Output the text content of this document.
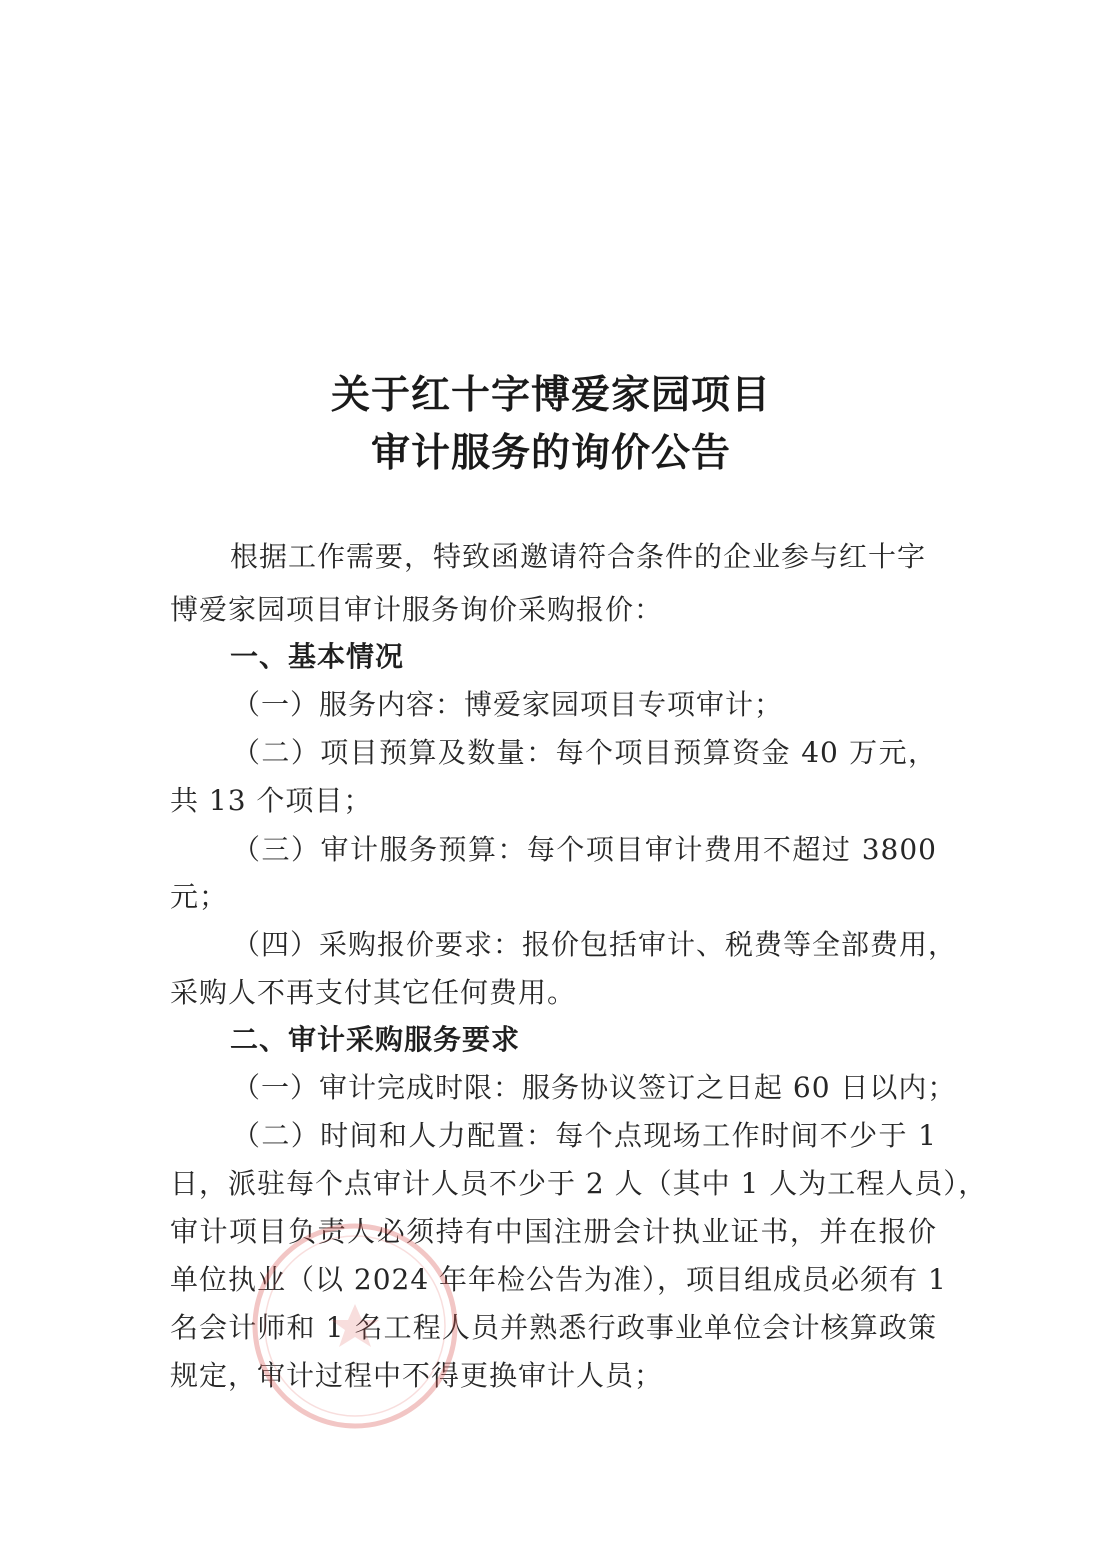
关于红十字博爱家园项目
审计服务的询价公告
根据工作需要，特致函邀请符合条件的企业参与红十字
博爱家园项目审计服务询价采购报价：
一、基本情况
（一）服务内容：博爱家园项目专项审计；
（二）项目预算及数量：每个项目预算资金 40 万元，
共 13 个项目；
（三）审计服务预算：每个项目审计费用不超过 3800
元；
（四）采购报价要求：报价包括审计、税费等全部费用，
采购人不再支付其它任何费用。
二、审计采购服务要求
（一）审计完成时限：服务协议签订之日起 60 日以内；
（二）时间和人力配置：每个点现场工作时间不少于 1
日，派驻每个点审计人员不少于 2 人（其中 1 人为工程人员），
审计项目负责人必须持有中国注册会计执业证书，并在报价
单位执业（以 2024 年年检公告为准），项目组成员必须有 1
名会计师和 1 名工程人员并熟悉行政事业单位会计核算政策
规定，审计过程中不得更换审计人员；
